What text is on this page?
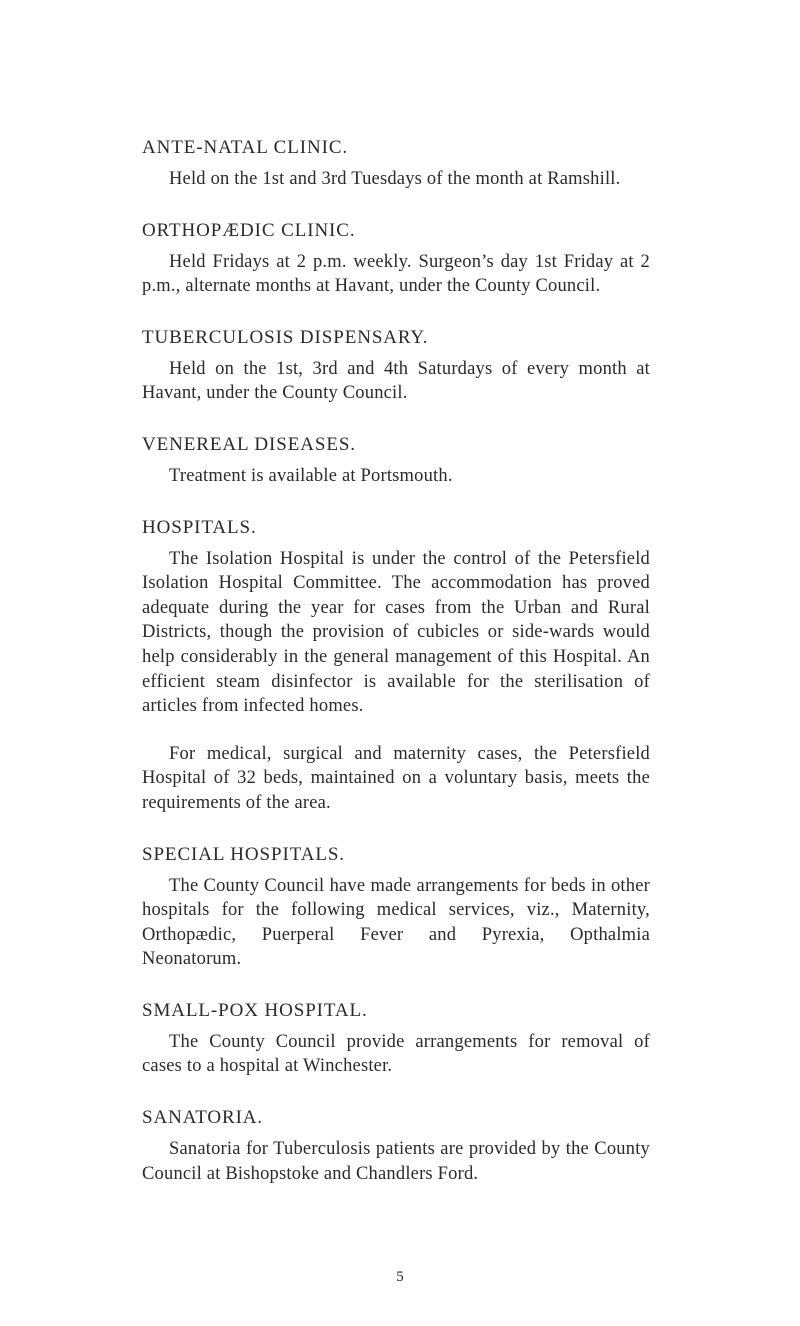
ANTE-NATAL CLINIC.

Held on the 1st and 3rd Tuesdays of the month at Ramshill.

ORTHOPÆDIC CLINIC.

Held Fridays at 2 p.m. weekly. Surgeon’s day 1st Friday at 2 p.m., alternate months at Havant, under the County Council.

TUBERCULOSIS DISPENSARY.

Held on the 1st, 3rd and 4th Saturdays of every month at Havant, under the County Council.

VENEREAL DISEASES.

Treatment is available at Portsmouth.

HOSPITALS.

The Isolation Hospital is under the control of the Petersfield Isolation Hospital Committee. The accommodation has proved adequate during the year for cases from the Urban and Rural Districts, though the provision of cubicles or side-wards would help considerably in the general management of this Hospital. An efficient steam disinfector is available for the sterilisation of articles from infected homes.

For medical, surgical and maternity cases, the Petersfield Hospital of 32 beds, maintained on a voluntary basis, meets the requirements of the area.

SPECIAL HOSPITALS.

The County Council have made arrangements for beds in other hospitals for the following medical services, viz., Maternity, Orthopædic, Puerperal Fever and Pyrexia, Opthalmia Neonatorum.

SMALL-POX HOSPITAL.

The County Council provide arrangements for removal of cases to a hospital at Winchester.

SANATORIA.

Sanatoria for Tuberculosis patients are provided by the County Council at Bishopstoke and Chandlers Ford.

5
